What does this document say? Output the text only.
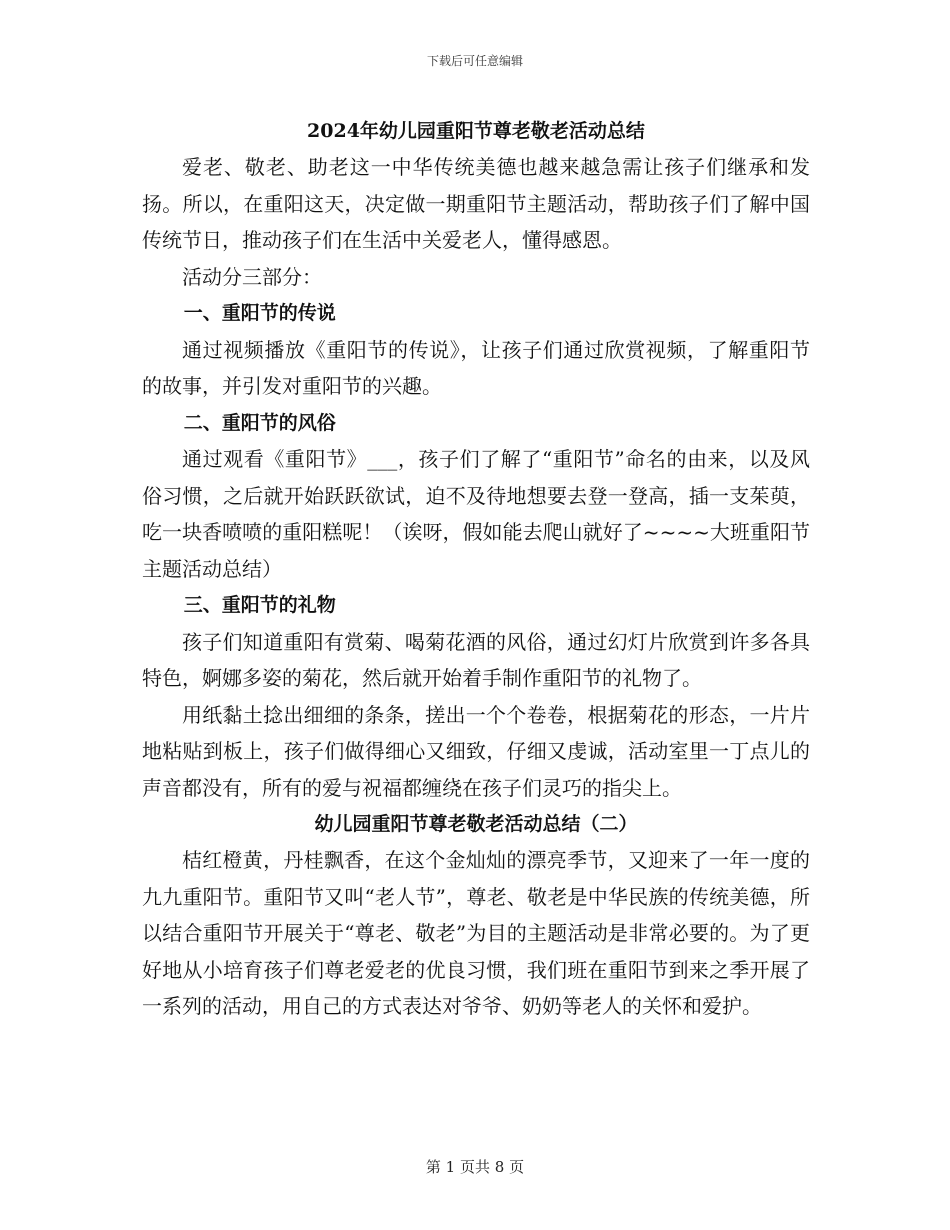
下载后可任意编辑
2024年幼儿园重阳节尊老敬老活动总结

爱老、敬老、助老这一中华传统美德也越来越急需让孩子们继承和发扬。所以，在重阳这天，决定做一期重阳节主题活动，帮助孩子们了解中国传统节日，推动孩子们在生活中关爱老人，懂得感恩。

活动分三部分：

一、重阳节的传说

通过视频播放《重阳节的传说》，让孩子们通过欣赏视频，了解重阳节的故事，并引发对重阳节的兴趣。

二、重阳节的风俗

通过观看《重阳节》___，孩子们了解了“重阳节”命名的由来，以及风俗习惯，之后就开始跃跃欲试，迫不及待地想要去登一登高，插一支茱萸，吃一块香喷喷的重阳糕呢！（诶呀，假如能去爬山就好了~~~~大班重阳节主题活动总结）

三、重阳节的礼物

孩子们知道重阳有赏菊、喝菊花酒的风俗，通过幻灯片欣赏到许多各具特色，婀娜多姿的菊花，然后就开始着手制作重阳节的礼物了。

用纸黏土捻出细细的条条，搓出一个个卷卷，根据菊花的形态，一片片地粘贴到板上，孩子们做得细心又细致，仔细又虔诚，活动室里一丁点儿的声音都没有，所有的爱与祝福都缠绕在孩子们灵巧的指尖上。

幼儿园重阳节尊老敬老活动总结（二）

桔红橙黄，丹桂飘香，在这个金灿灿的漂亮季节，又迎来了一年一度的九九重阳节。重阳节又叫“老人节”，尊老、敬老是中华民族的传统美德，所以结合重阳节开展关于“尊老、敬老”为目的主题活动是非常必要的。为了更好地从小培育孩子们尊老爱老的优良习惯，我们班在重阳节到来之季开展了一系列的活动，用自己的方式表达对爷爷、奶奶等老人的关怀和爱护。

第 1 页共 8 页
